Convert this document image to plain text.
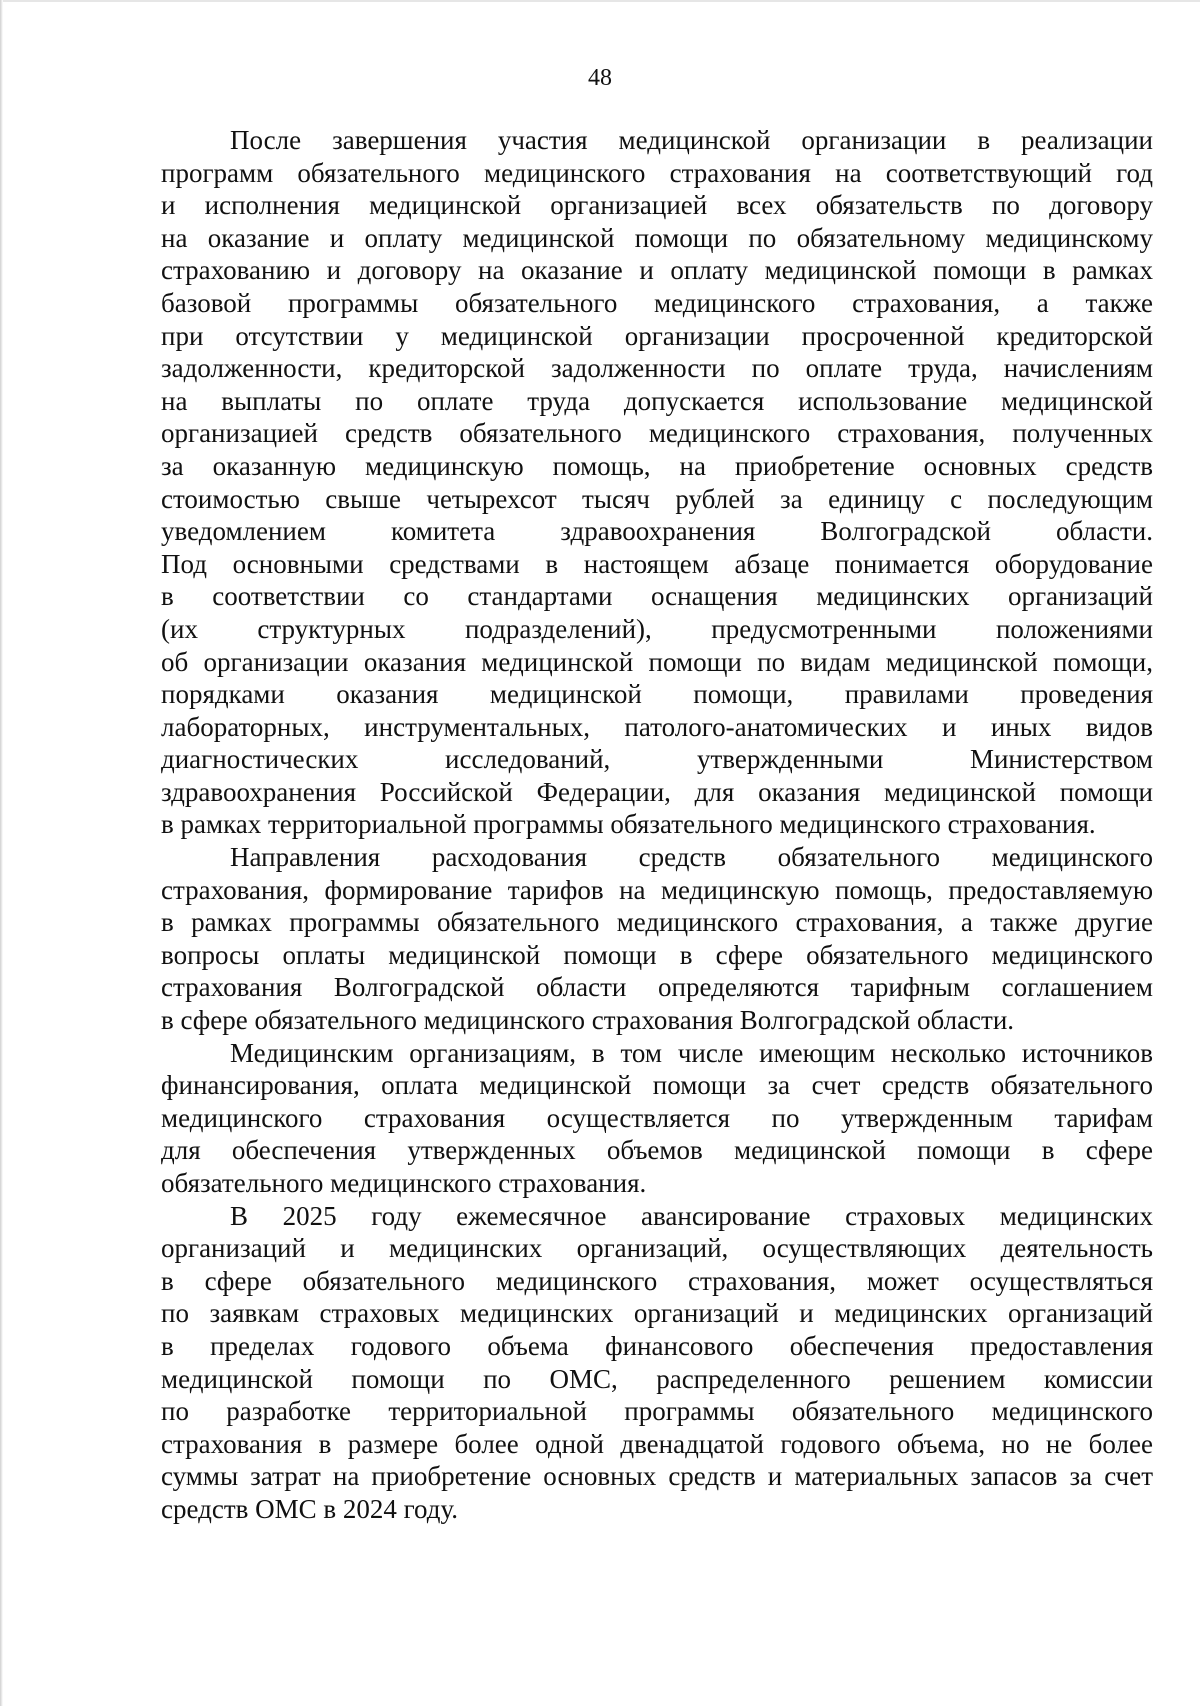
48

После завершения участия медицинской организации в реализации
программ обязательного медицинского страхования на соответствующий год
и исполнения медицинской организацией всех обязательств по договору
на оказание и оплату медицинской помощи по обязательному медицинскому
страхованию и договору на оказание и оплату медицинской помощи в рамках
базовой программы обязательного медицинского страхования, а также
при отсутствии у медицинской организации просроченной кредиторской
задолженности, кредиторской задолженности по оплате труда, начислениям
на выплаты по оплате труда допускается использование медицинской
организацией средств обязательного медицинского страхования, полученных
за оказанную медицинскую помощь, на приобретение основных средств
стоимостью свыше четырехсот тысяч рублей за единицу с последующим
уведомлением комитета здравоохранения Волгоградской области.
Под основными средствами в настоящем абзаце понимается оборудование
в соответствии со стандартами оснащения медицинских организаций
(их структурных подразделений), предусмотренными положениями
об организации оказания медицинской помощи по видам медицинской помощи,
порядками оказания медицинской помощи, правилами проведения
лабораторных, инструментальных, патолого-анатомических и иных видов
диагностических исследований, утвержденными Министерством
здравоохранения Российской Федерации, для оказания медицинской помощи
в рамках территориальной программы обязательного медицинского страхования.

Направления расходования средств обязательного медицинского
страхования, формирование тарифов на медицинскую помощь, предоставляемую
в рамках программы обязательного медицинского страхования, а также другие
вопросы оплаты медицинской помощи в сфере обязательного медицинского
страхования Волгоградской области определяются тарифным соглашением
в сфере обязательного медицинского страхования Волгоградской области.

Медицинским организациям, в том числе имеющим несколько источников
финансирования, оплата медицинской помощи за счет средств обязательного
медицинского страхования осуществляется по утвержденным тарифам
для обеспечения утвержденных объемов медицинской помощи в сфере
обязательного медицинского страхования.

В 2025 году ежемесячное авансирование страховых медицинских
организаций и медицинских организаций, осуществляющих деятельность
в сфере обязательного медицинского страхования, может осуществляться
по заявкам страховых медицинских организаций и медицинских организаций
в пределах годового объема финансового обеспечения предоставления
медицинской помощи по ОМС, распределенного решением комиссии
по разработке территориальной программы обязательного медицинского
страхования в размере более одной двенадцатой годового объема, но не более
суммы затрат на приобретение основных средств и материальных запасов за счет
средств ОМС в 2024 году.
